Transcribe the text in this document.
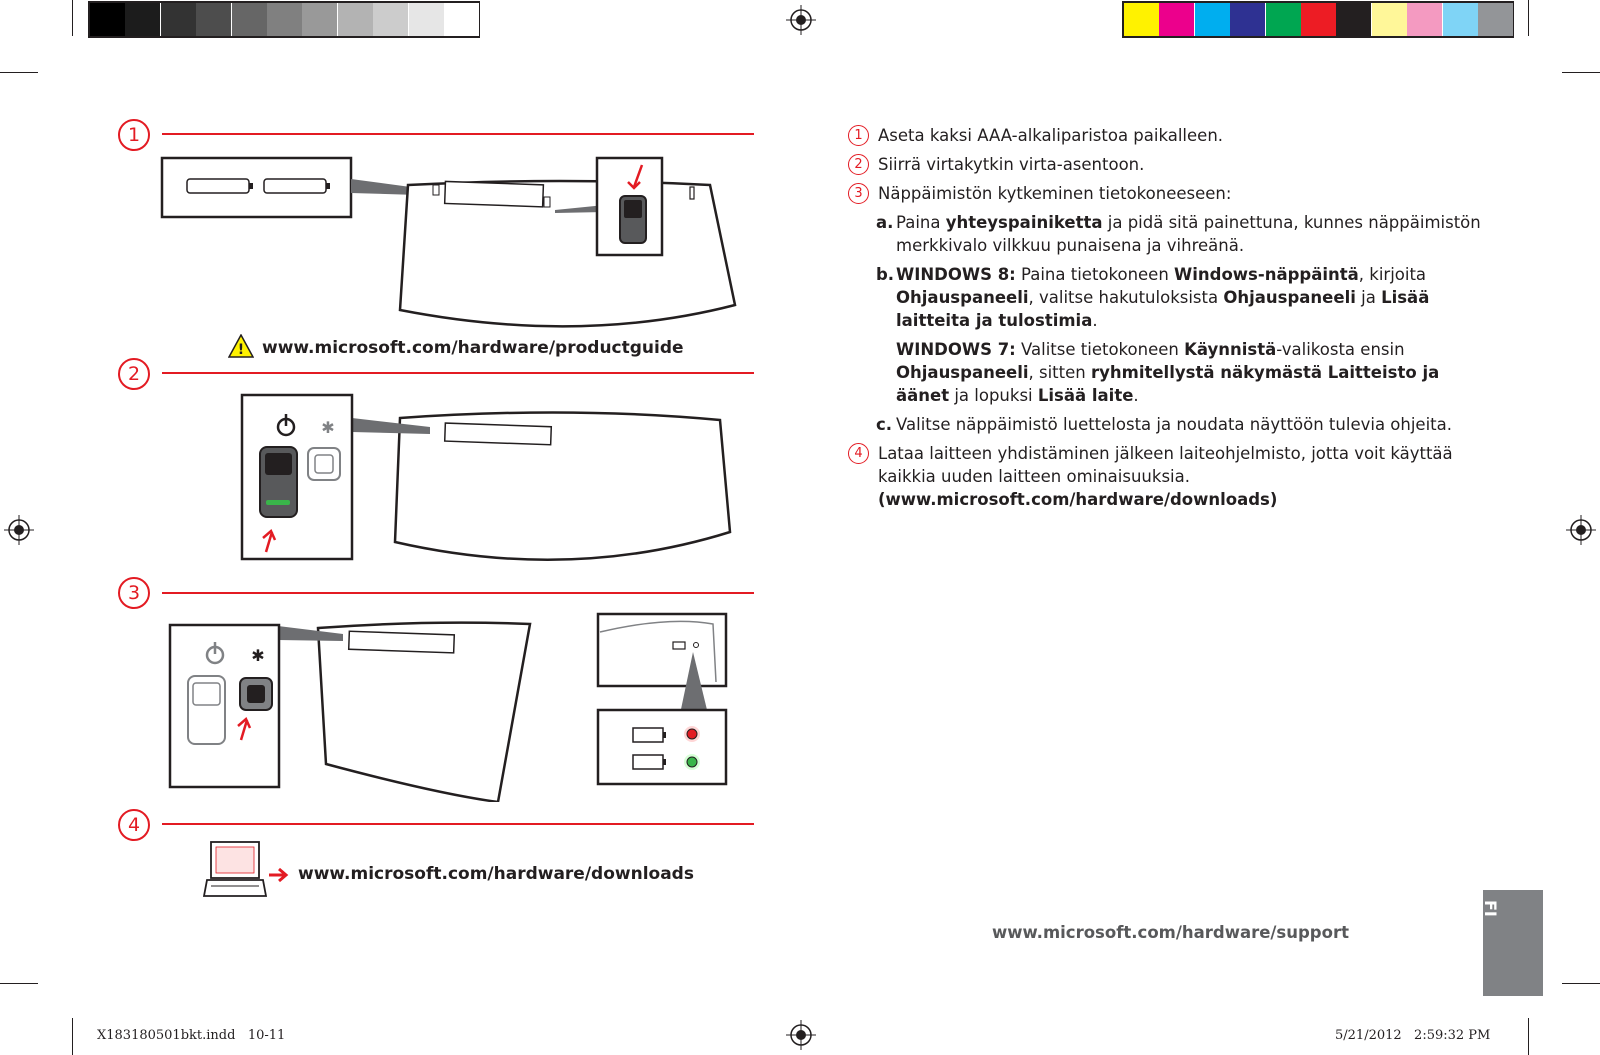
1
! www.microsoft.com/hardware/productguide
2
✱
3
✱
4
www.microsoft.com/hardware/downloads
1 Aseta kaksi AAA-alkaliparistoa paikalleen.
2 Siirrä virtakytkin virta-asentoon.
3 Näppäimistön kytkeminen tietokoneeseen:
a. Paina yhteyspainiketta ja pidä sitä painettuna, kunnes näppäimistön merkkivalo vilkkuu punaisena ja vihreänä.
b. WINDOWS 8: Paina tietokoneen Windows-näppäintä, kirjoita Ohjauspaneeli, valitse hakutuloksista Ohjauspaneeli ja Lisää laitteita ja tulostimia.
WINDOWS 7: Valitse tietokoneen Käynnistä-valikosta ensin Ohjauspaneeli, sitten ryhmitellystä näkymästä Laitteisto ja äänet ja lopuksi Lisää laite.
c. Valitse näppäimistö luettelosta ja noudata näyttöön tulevia ohjeita.
4 Lataa laitteen yhdistäminen jälkeen laiteohjelmisto, jotta voit käyttää kaikkia uuden laitteen ominaisuuksia.
(www.microsoft.com/hardware/downloads)
www.microsoft.com/hardware/support
FI
X183180501bkt.indd   10-11	5/21/2012   2:59:32 PM
